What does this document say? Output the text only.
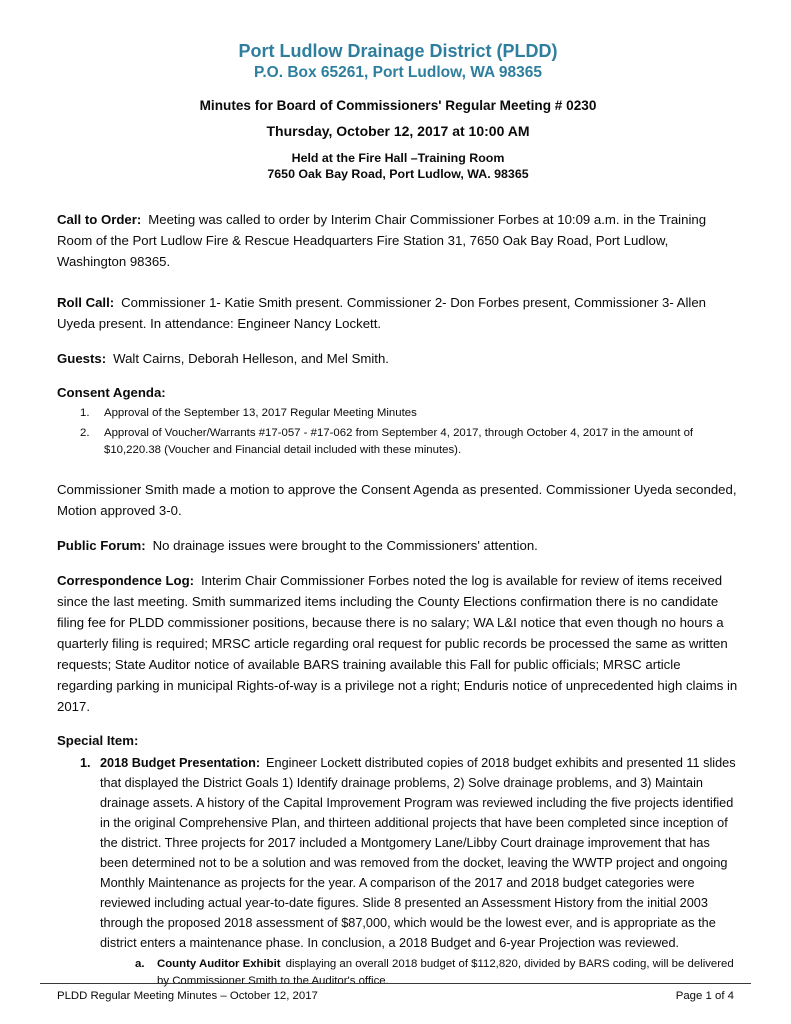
Port Ludlow Drainage District (PLDD)
P.O. Box 65261, Port Ludlow, WA 98365
Minutes for Board of Commissioners' Regular Meeting # 0230
Thursday, October 12, 2017 at 10:00 AM
Held at the Fire Hall –Training Room
7650 Oak Bay Road, Port Ludlow, WA. 98365

Call to Order: Meeting was called to order by Interim Chair Commissioner Forbes at 10:09 a.m. in the Training Room of the Port Ludlow Fire & Rescue Headquarters Fire Station 31, 7650 Oak Bay Road, Port Ludlow, Washington 98365.

Roll Call: Commissioner 1- Katie Smith present. Commissioner 2- Don Forbes present, Commissioner 3- Allen Uyeda present. In attendance: Engineer Nancy Lockett.

Guests: Walt Cairns, Deborah Helleson, and Mel Smith.

Consent Agenda:
1.	Approval of the September 13, 2017 Regular Meeting Minutes
2.	Approval of Voucher/Warrants #17-057 - #17-062 from September 4, 2017, through October 4, 2017 in the amount of $10,220.38 (Voucher and Financial detail included with these minutes).

Commissioner Smith made a motion to approve the Consent Agenda as presented. Commissioner Uyeda seconded, Motion approved 3-0.

Public Forum: No drainage issues were brought to the Commissioners' attention.

Correspondence Log: Interim Chair Commissioner Forbes noted the log is available for review of items received since the last meeting. Smith summarized items including the County Elections confirmation there is no candidate filing fee for PLDD commissioner positions, because there is no salary; WA L&I notice that even though no hours a quarterly filing is required; MRSC article regarding oral request for public records be processed the same as written requests; State Auditor notice of available BARS training available this Fall for public officials; MRSC article regarding parking in municipal Rights-of-way is a privilege not a right; Enduris notice of unprecedented high claims in 2017.

Special Item:
1. 2018 Budget Presentation: Engineer Lockett distributed copies of 2018 budget exhibits and presented 11 slides that displayed the District Goals 1) Identify drainage problems, 2) Solve drainage problems, and 3) Maintain drainage assets. A history of the Capital Improvement Program was reviewed including the five projects identified in the original Comprehensive Plan, and thirteen additional projects that have been completed since inception of the district. Three projects for 2017 included a Montgomery Lane/Libby Court drainage improvement that has been determined not to be a solution and was removed from the docket, leaving the WWTP project and ongoing Monthly Maintenance as projects for the year. A comparison of the 2017 and 2018 budget categories were reviewed including actual year-to-date figures. Slide 8 presented an Assessment History from the initial 2003 through the proposed 2018 assessment of $87,000, which would be the lowest ever, and is appropriate as the district enters a maintenance phase. In conclusion, a 2018 Budget and 6-year Projection was reviewed.
a.	County Auditor Exhibit displaying an overall 2018 budget of $112,820, divided by BARS coding, will be delivered by Commissioner Smith to the Auditor's office.
PLDD Regular Meeting Minutes – October 12, 2017	Page 1 of 4
